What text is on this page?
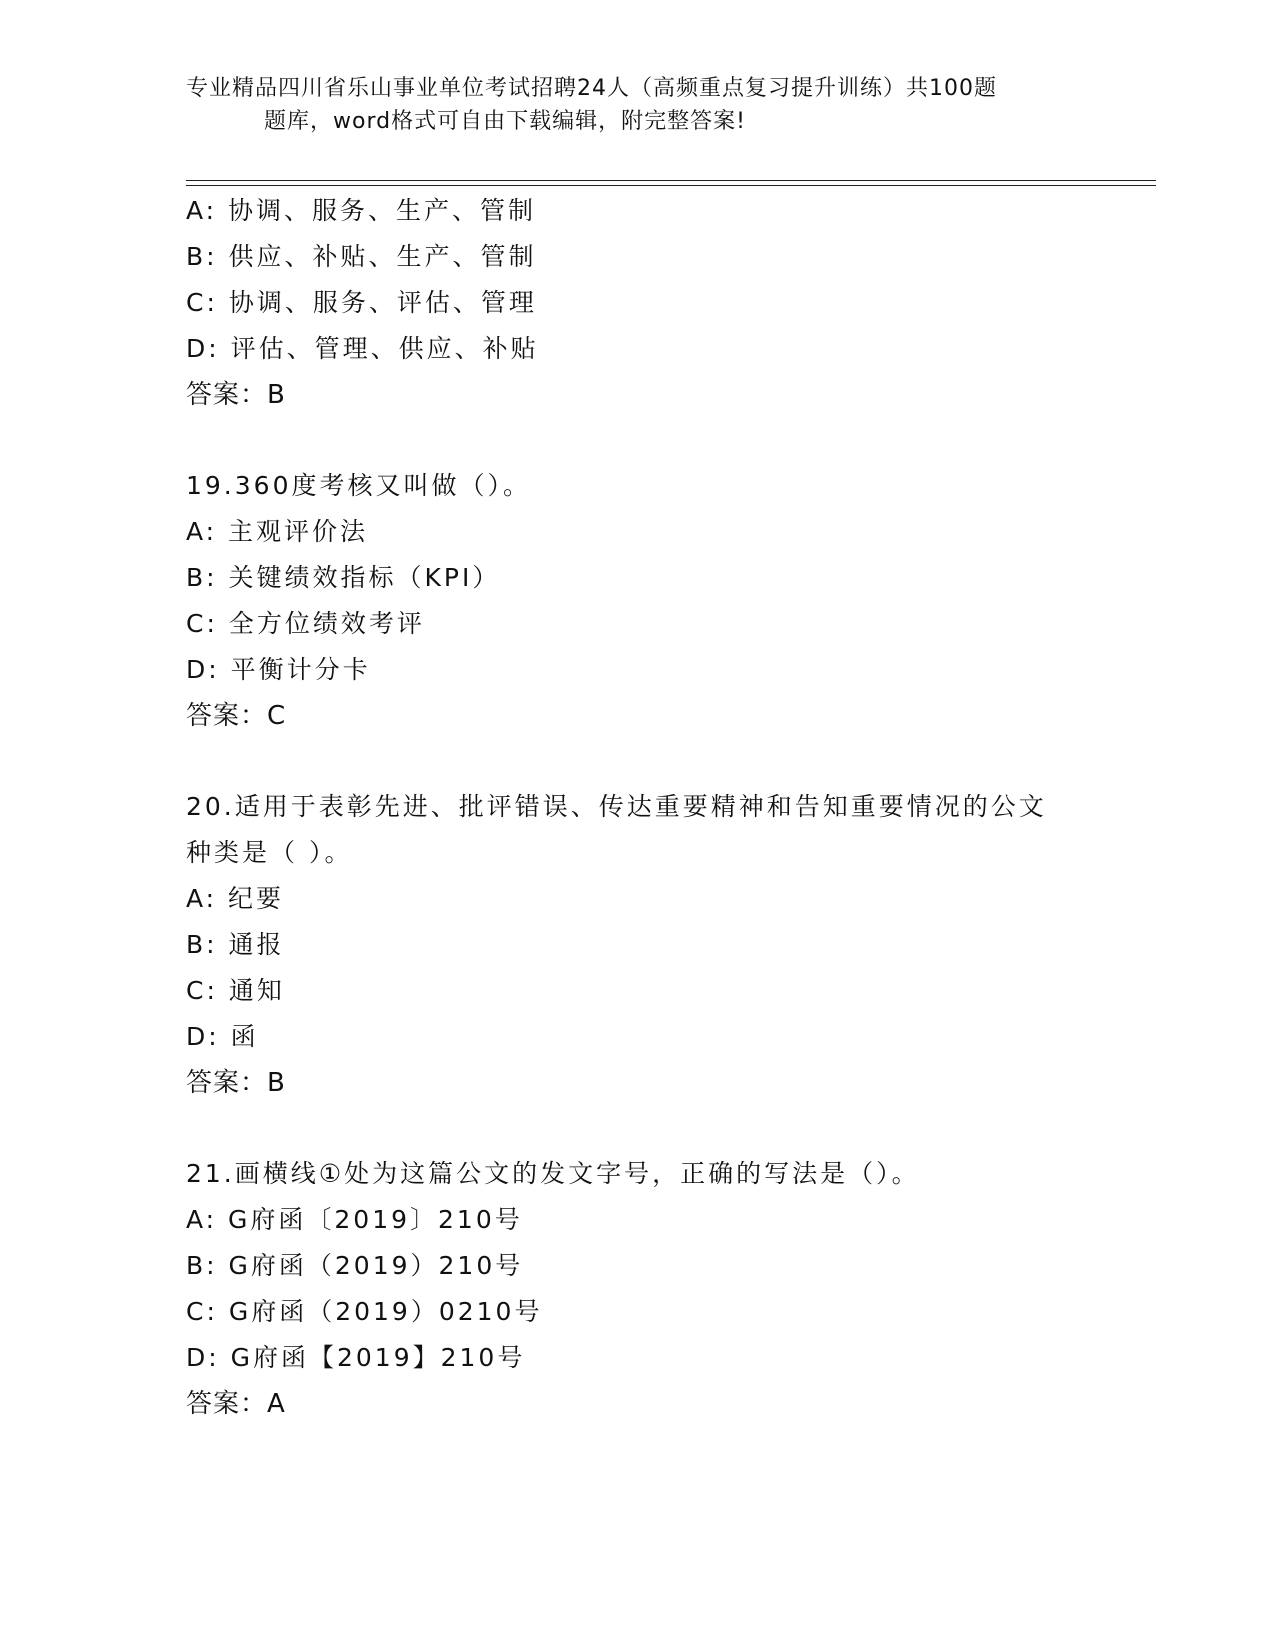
专业精品四川省乐山事业单位考试招聘24人（高频重点复习提升训练）共100题
题库，word格式可自由下载编辑，附完整答案!
A: 协调、服务、生产、管制
B: 供应、补贴、生产、管制
C: 协调、服务、评估、管理
D: 评估、管理、供应、补贴
答案：B
19.360度考核又叫做（）。
A: 主观评价法
B: 关键绩效指标（KPI）
C: 全方位绩效考评
D: 平衡计分卡
答案：C
20.适用于表彰先进、批评错误、传达重要精神和告知重要情况的公文
种类是（ ）。
A: 纪要
B: 通报
C: 通知
D: 函
答案：B
21.画横线①处为这篇公文的发文字号，正确的写法是（）。
A: G府函〔2019〕210号
B: G府函（2019）210号
C: G府函（2019）0210号
D: G府函【2019】210号
答案：A
